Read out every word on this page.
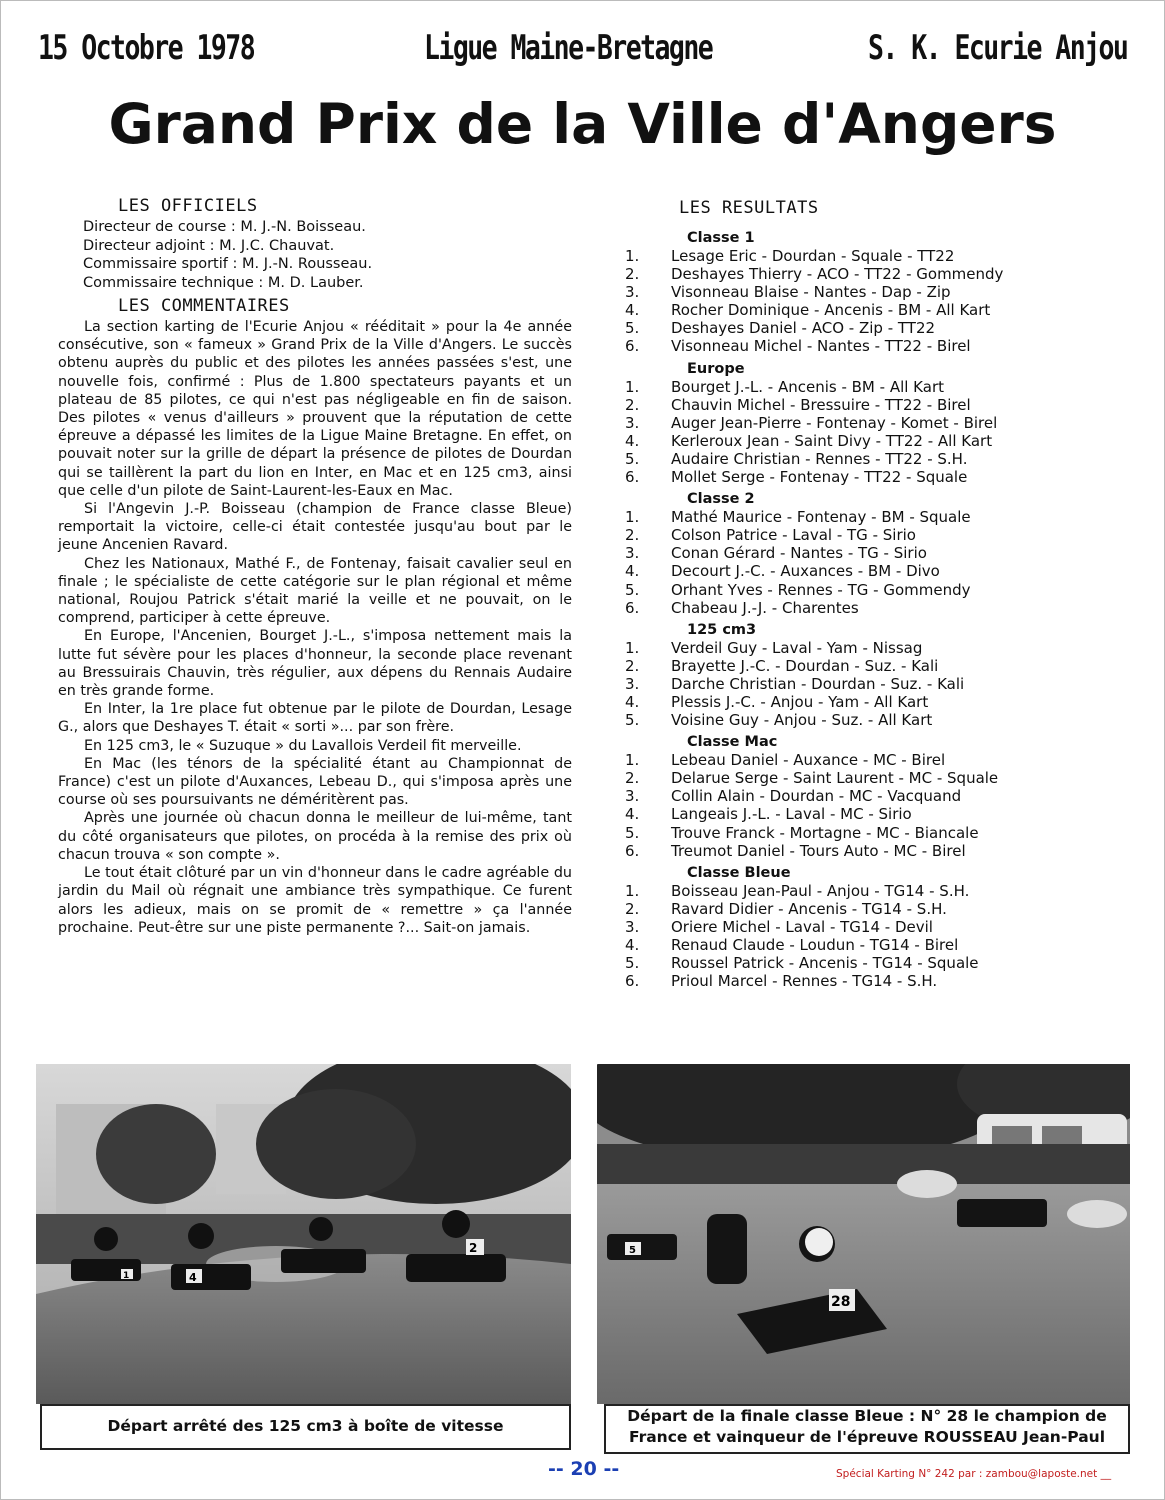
15 Octobre 1978	Ligue Maine-Bretagne	S. K. Ecurie Anjou
Grand Prix de la Ville d'Angers
LES OFFICIELS
Directeur de course : M. J.-N. Boisseau.
Directeur adjoint : M. J.C. Chauvat.
Commissaire sportif : M. J.-N. Rousseau.
Commissaire technique : M. D. Lauber.
LES COMMENTAIRES

La section karting de l'Ecurie Anjou « rééditait » pour la 4e année consécutive, son « fameux » Grand Prix de la Ville d'Angers. Le succès obtenu auprès du public et des pilotes les années passées s'est, une nouvelle fois, confirmé : Plus de 1.800 spectateurs payants et un plateau de 85 pilotes, ce qui n'est pas négligeable en fin de saison. Des pilotes « venus d'ailleurs » prouvent que la réputation de cette épreuve a dépassé les limites de la Ligue Maine Bretagne. En effet, on pouvait noter sur la grille de départ la présence de pilotes de Dourdan qui se taillèrent la part du lion en Inter, en Mac et en 125 cm3, ainsi que celle d'un pilote de Saint-Laurent-les-Eaux en Mac.

Si l'Angevin J.-P. Boisseau (champion de France classe Bleue) remportait la victoire, celle-ci était contestée jusqu'au bout par le jeune Ancenien Ravard.

Chez les Nationaux, Mathé F., de Fontenay, faisait cavalier seul en finale ; le spécialiste de cette catégorie sur le plan régional et même national, Roujou Patrick s'était marié la veille et ne pouvait, on le comprend, participer à cette épreuve.

En Europe, l'Ancenien, Bourget J.-L., s'imposa nettement mais la lutte fut sévère pour les places d'honneur, la seconde place revenant au Bressuirais Chauvin, très régulier, aux dépens du Rennais Audaire en très grande forme.

En Inter, la 1re place fut obtenue par le pilote de Dourdan, Lesage G., alors que Deshayes T. était « sorti »... par son frère.

En 125 cm3, le « Suzuque » du Lavallois Verdeil fit merveille.

En Mac (les ténors de la spécialité étant au Championnat de France) c'est un pilote d'Auxances, Lebeau D., qui s'imposa après une course où ses poursuivants ne déméritèrent pas.

Après une journée où chacun donna le meilleur de lui-même, tant du côté organisateurs que pilotes, on procéda à la remise des prix où chacun trouva « son compte ».

Le tout était clôturé par un vin d'honneur dans le cadre agréable du jardin du Mail où régnait une ambiance très sympathique. Ce furent alors les adieux, mais on se promit de « remettre » ça l'année prochaine. Peut-être sur une piste permanente ?... Sait-on jamais.

LES RESULTATS
Classe 1
1.	Lesage Eric - Dourdan - Squale - TT22
2.	Deshayes Thierry - ACO - TT22 - Gommendy
3.	Visonneau Blaise - Nantes - Dap - Zip
4.	Rocher Dominique - Ancenis - BM - All Kart
5.	Deshayes Daniel - ACO - Zip - TT22
6.	Visonneau Michel - Nantes - TT22 - Birel
Europe
1.	Bourget J.-L. - Ancenis - BM - All Kart
2.	Chauvin Michel - Bressuire - TT22 - Birel
3.	Auger Jean-Pierre - Fontenay - Komet - Birel
4.	Kerleroux Jean - Saint Divy - TT22 - All Kart
5.	Audaire Christian - Rennes - TT22 - S.H.
6.	Mollet Serge - Fontenay - TT22 - Squale
Classe 2
1.	Mathé Maurice - Fontenay - BM - Squale
2.	Colson Patrice - Laval - TG - Sirio
3.	Conan Gérard - Nantes - TG - Sirio
4.	Decourt J.-C. - Auxances - BM - Divo
5.	Orhant Yves - Rennes - TG - Gommendy
6.	Chabeau J.-J. - Charentes
125 cm3
1.	Verdeil Guy - Laval - Yam - Nissag
2.	Brayette J.-C. - Dourdan - Suz. - Kali
3.	Darche Christian - Dourdan - Suz. - Kali
4.	Plessis J.-C. - Anjou - Yam - All Kart
5.	Voisine Guy - Anjou - Suz. - All Kart
Classe Mac
1.	Lebeau Daniel - Auxance - MC - Birel
2.	Delarue Serge - Saint Laurent - MC - Squale
3.	Collin Alain - Dourdan - MC - Vacquand
4.	Langeais J.-L. - Laval - MC - Sirio
5.	Trouve Franck - Mortagne - MC - Biancale
6.	Treumot Daniel - Tours Auto - MC - Birel
Classe Bleue
1.	Boisseau Jean-Paul - Anjou - TG14 - S.H.
2.	Ravard Didier - Ancenis - TG14 - S.H.
3.	Oriere Michel - Laval - TG14 - Devil
4.	Renaud Claude - Loudun - TG14 - Birel
5.	Roussel Patrick - Ancenis - TG14 - Squale
6.	Prioul Marcel - Rennes - TG14 - S.H.
4
2
1
Départ arrêté des 125 cm3 à boîte de vitesse
5
28
Départ de la finale classe Bleue : N° 28 le champion de France et vainqueur de l'épreuve ROUSSEAU Jean-Paul
-- 20 --	Spécial Karting N° 242 par : zambou@laposte.net __
